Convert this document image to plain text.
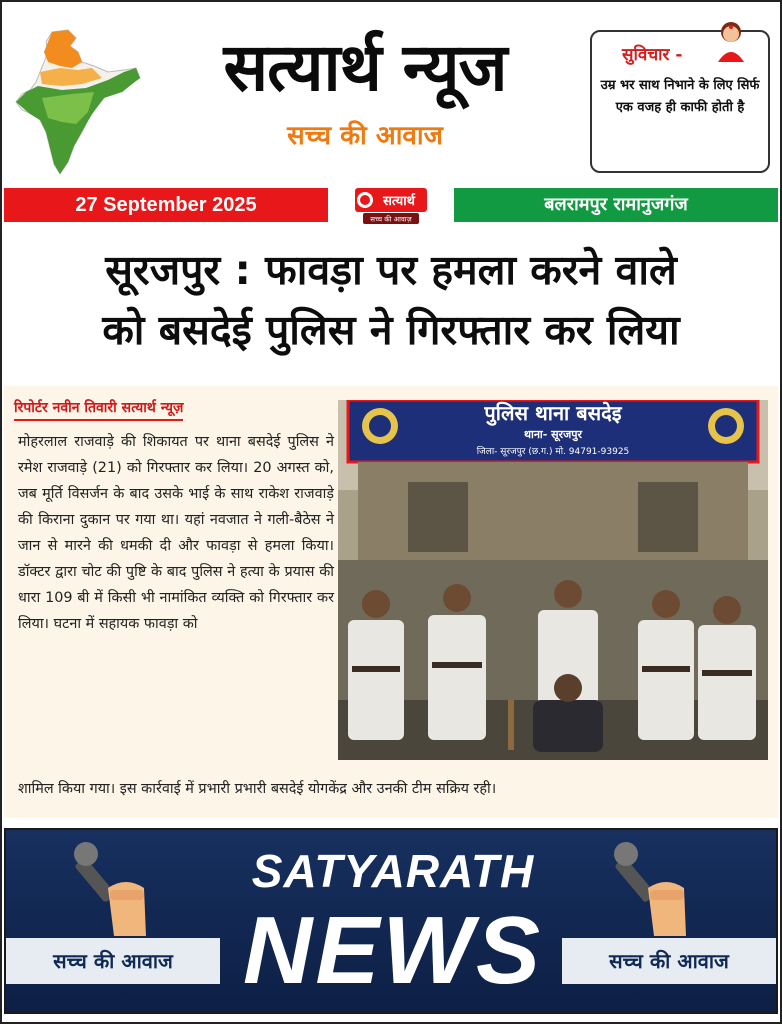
सत्यार्थ न्यूज
सच्च की आवाज
सुविचार -
उम्र भर साथ निभाने के लिए सिर्फ एक वजह ही काफी होती है
27 September 2025	सत्यार्थ
सच्च की आवाज़
बलरामपुर रामानुजगंज
सूरजपुर : फावड़ा पर हमला करने वाले
को बसदेई पुलिस ने गिरफ्तार कर लिया
रिपोर्टर नवीन तिवारी सत्यार्थ न्यूज़
मोहरलाल राजवाड़े की शिकायत पर थाना बसदेई पुलिस ने रमेश राजवाड़े (21) को गिरफ्तार कर लिया। 20 अगस्त को, जब मूर्ति विसर्जन के बाद उसके भाई के साथ राकेश राजवाड़े की किराना दुकान पर गया था। यहां नवजात ने गली-बैठेस ने जान से मारने की धमकी दी और फावड़ा से हमला किया। डॉक्टर द्वारा चोट की पुष्टि के बाद पुलिस ने हत्या के प्रयास की धारा 109 बी में किसी भी नामांकित व्यक्ति को गिरफ्तार कर लिया। घटना में सहायक फावड़ा को
पुलिस थाना बसदेइ
थाना- सूरजपुर
जिला- सूरजपुर (छ.ग.) मो. 94791-93925
शामिल किया गया। इस कार्रवाई में प्रभारी प्रभारी बसदेई योगकेंद्र और उनकी टीम सक्रिय रही।
SATYARATH
NEWS
सच्च की आवाज	सच्च की आवाज
